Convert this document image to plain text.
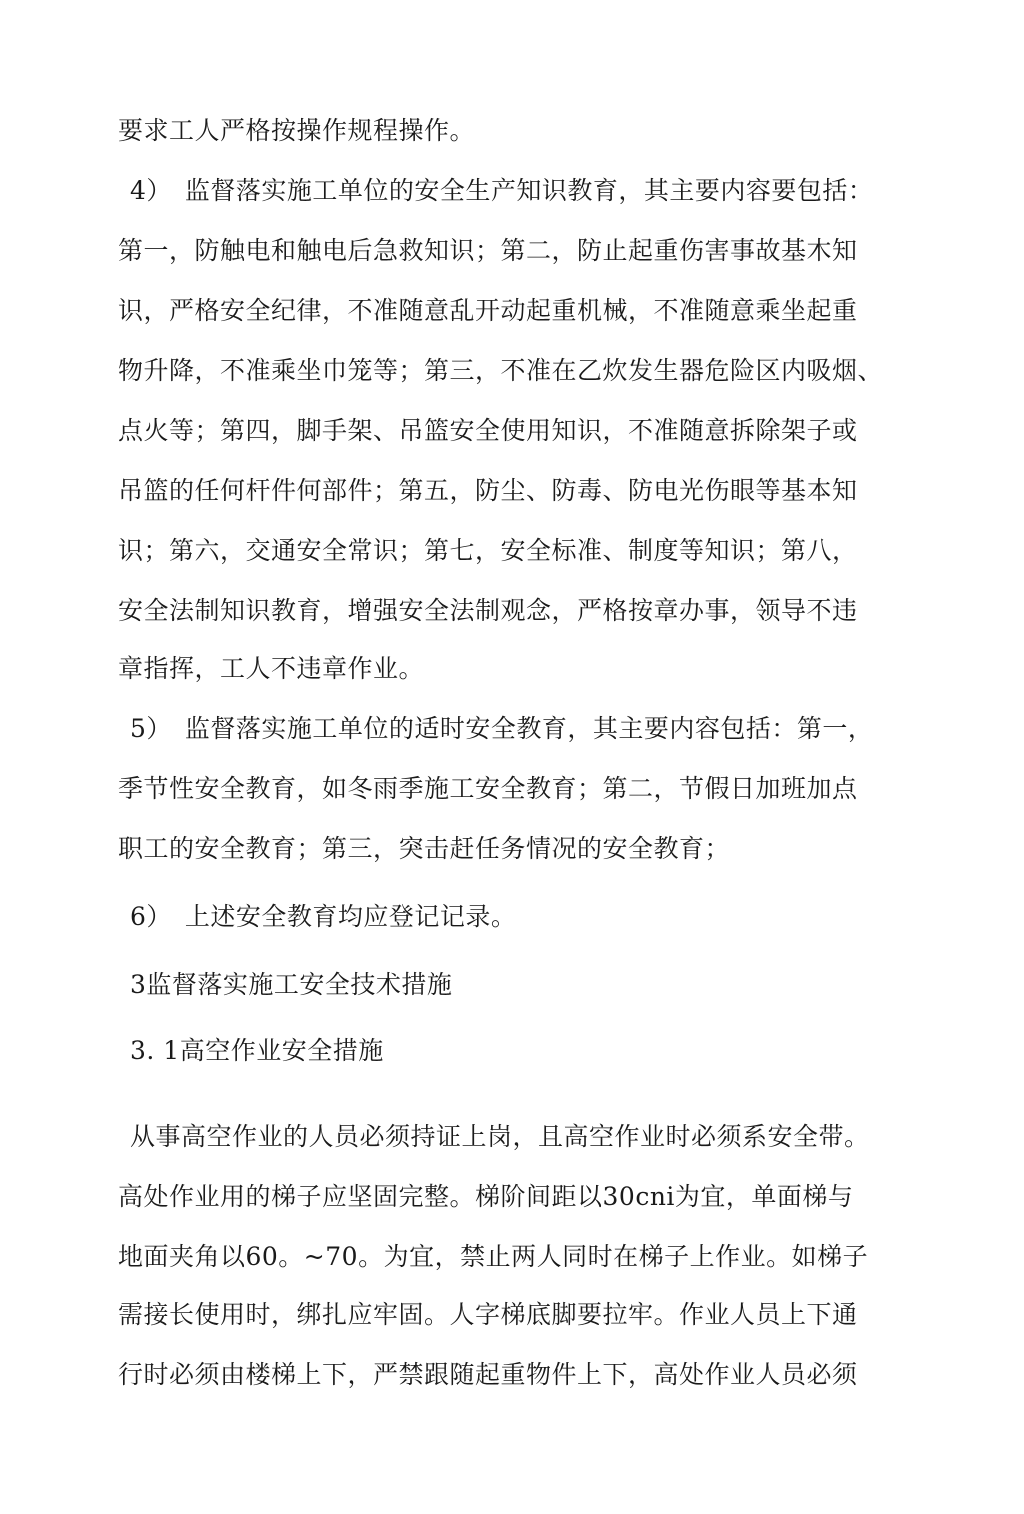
要求工人严格按操作规程操作。
4）　监督落实施工单位的安全生产知识教育，其主要内容要包括：
第一，防触电和触电后急救知识；第二，防止起重伤害事故基木知
识，严格安全纪律，不准随意乱开动起重机械，不准随意乘坐起重
物升降，不准乘坐巾笼等；第三，不准在乙炊发生器危险区内吸烟、
点火等；第四，脚手架、吊篮安全使用知识，不准随意拆除架子或
吊篮的任何杆件何部件；第五，防尘、防毒、防电光伤眼等基本知
识；第六，交通安全常识；第七，安全标准、制度等知识；第八，
安全法制知识教育，增强安全法制观念，严格按章办事，领导不违
章指挥，工人不违章作业。
5）　监督落实施工单位的适时安全教育，其主要内容包括：第一，
季节性安全教育，如冬雨季施工安全教育；第二，节假日加班加点
职工的安全教育；第三，突击赶任务情况的安全教育；
6）　上述安全教育均应登记记录。
3监督落实施工安全技术措施
3. 1高空作业安全措施
从事高空作业的人员必须持证上岗，且高空作业时必须系安全带。
高处作业用的梯子应坚固完整。梯阶间距以30cni为宜，单面梯与
地面夹角以60。~70。为宜，禁止两人同时在梯子上作业。如梯子
需接长使用时，绑扎应牢固。人字梯底脚要拉牢。作业人员上下通
行时必须由楼梯上下，严禁跟随起重物件上下，高处作业人员必须
